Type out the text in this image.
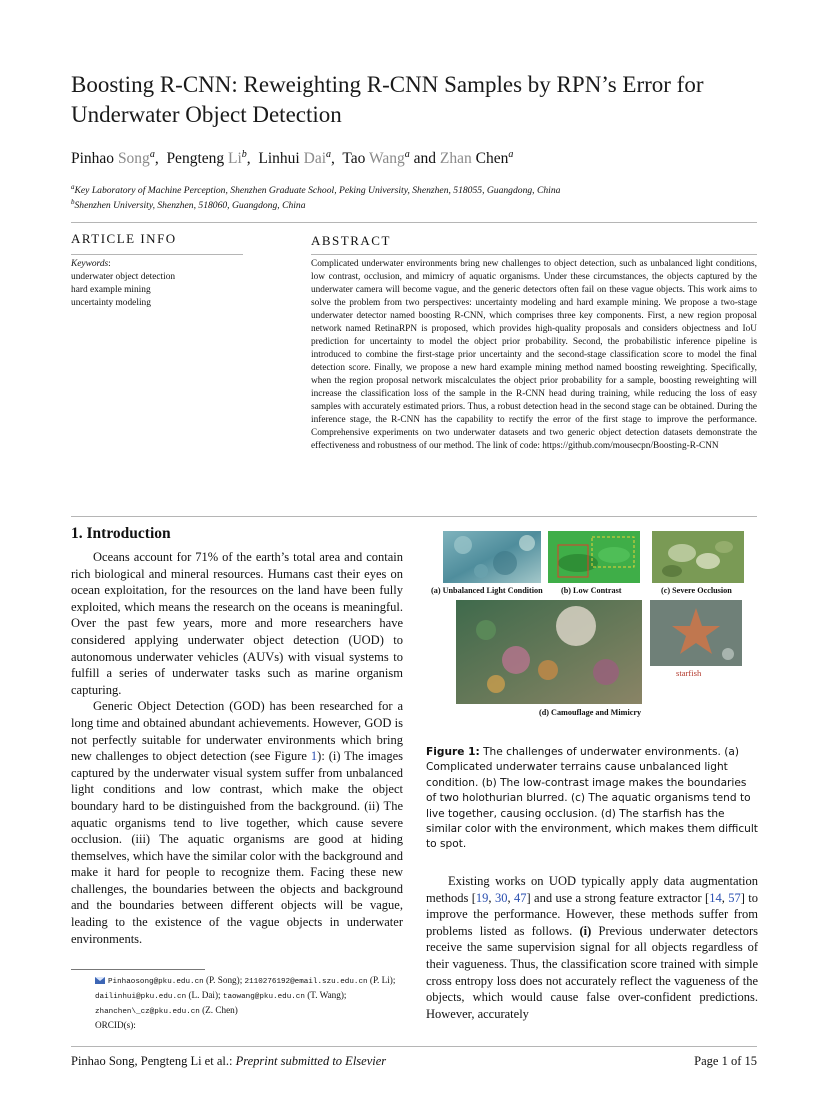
Boosting R-CNN: Reweighting R-CNN Samples by RPN’s Error for Underwater Object Detection
Pinhao Song$^a$,  Pengteng Li$^b$,  Linhui Dai$^a$,  Tao Wang$^a$ and Zhan Chen$^a$
$^a$Key Laboratory of Machine Perception, Shenzhen Graduate School, Peking University, Shenzhen, 518055, Guangdong, China
$^b$Shenzhen University, Shenzhen, 518060, Guangdong, China
ARTICLE INFO
Keywords:
underwater object detection
hard example mining
uncertainty modeling
ABSTRACT
Complicated underwater environments bring new challenges to object detection, such as unbalanced light conditions, low contrast, occlusion, and mimicry of aquatic organisms. Under these circumstances, the objects captured by the underwater camera will become vague, and the generic detectors often fail on these vague objects. This work aims to solve the problem from two perspectives: uncertainty modeling and hard example mining. We propose a two-stage underwater detector named boosting R-CNN, which comprises three key components. First, a new region proposal network named RetinaRPN is proposed, which provides high-quality proposals and considers objectness and IoU prediction for uncertainty to model the object prior probability. Second, the probabilistic inference pipeline is introduced to combine the first-stage prior uncertainty and the second-stage classification score to model the final detection score. Finally, we propose a new hard example mining method named boosting reweighting. Specifically, when the region proposal network miscalculates the object prior probability for a sample, boosting reweighting will increase the classification loss of the sample in the R-CNN head during training, while reducing the loss of easy samples with accurately estimated priors. Thus, a robust detection head in the second stage can be obtained. During the inference stage, the R-CNN has the capability to rectify the error of the first stage to improve the performance. Comprehensive experiments on two underwater datasets and two generic object detection datasets demonstrate the effectiveness and robustness of our method. The link of code: https://github.com/mousecpn/Boosting-R-CNN
1. Introduction

Oceans account for 71% of the earth’s total area and contain rich biological and mineral resources. Humans cast their eyes on ocean exploitation, for the resources on the land have been fully exploited, which means the research on the oceans is meaningful. Over the past few years, more and more researchers have considered applying underwater object detection (UOD) to autonomous underwater vehicles (AUVs) with visual systems to fulfill a series of underwater tasks such as marine organism capturing.

Generic Object Detection (GOD) has been researched for a long time and obtained abundant achievements. However, GOD is not perfectly suitable for underwater environments which bring new challenges to object detection (see Figure 1): (i) The images captured by the underwater visual system suffer from unbalanced light conditions and low contrast, which make the object boundary hard to be distinguished from the background. (ii) The aquatic organisms tend to live together, which cause severe occlusion. (iii) The aquatic organisms are good at hiding themselves, which have the similar color with the background and make it hard for people to recognize them. Facing these new challenges, the boundaries between the objects and background and the boundaries between different objects will be vague, leading to the existence of the vague objects in underwater environments.

Pinhaosong@pku.edu.cn (P. Song); 2110276192@email.szu.edu.cn (P. Li); dailinhui@pku.edu.cn (L. Dai); taowang@pku.edu.cn (T. Wang); zhanchen\_cz@pku.edu.cn (Z. Chen)
ORCID(s):
(a) Unbalanced Light Condition (b) Low Contrast	(c) Severe Occlusion
starfish
(d) Camouflage and Mimicry
Figure 1: The challenges of underwater environments. (a) Complicated underwater terrains cause unbalanced light condition. (b) The low-contrast image makes the boundaries of two holothurian blurred. (c) The aquatic organisms tend to live together, causing occlusion. (d) The starfish has the similar color with the environment, which makes them difficult to spot.

Existing works on UOD typically apply data augmentation methods [19, 30, 47] and use a strong feature extractor [14, 57] to improve the performance. However, these methods suffer from problems listed as follows. (i) Previous underwater detectors receive the same supervision signal for all objects regardless of their vagueness. Thus, the classification score trained with simple cross entropy loss does not accurately reflect the vagueness of the objects, which would cause false over-confident predictions. However, accurately

Pinhao Song, Pengteng Li et al.: Preprint submitted to Elsevier	Page 1 of 15
